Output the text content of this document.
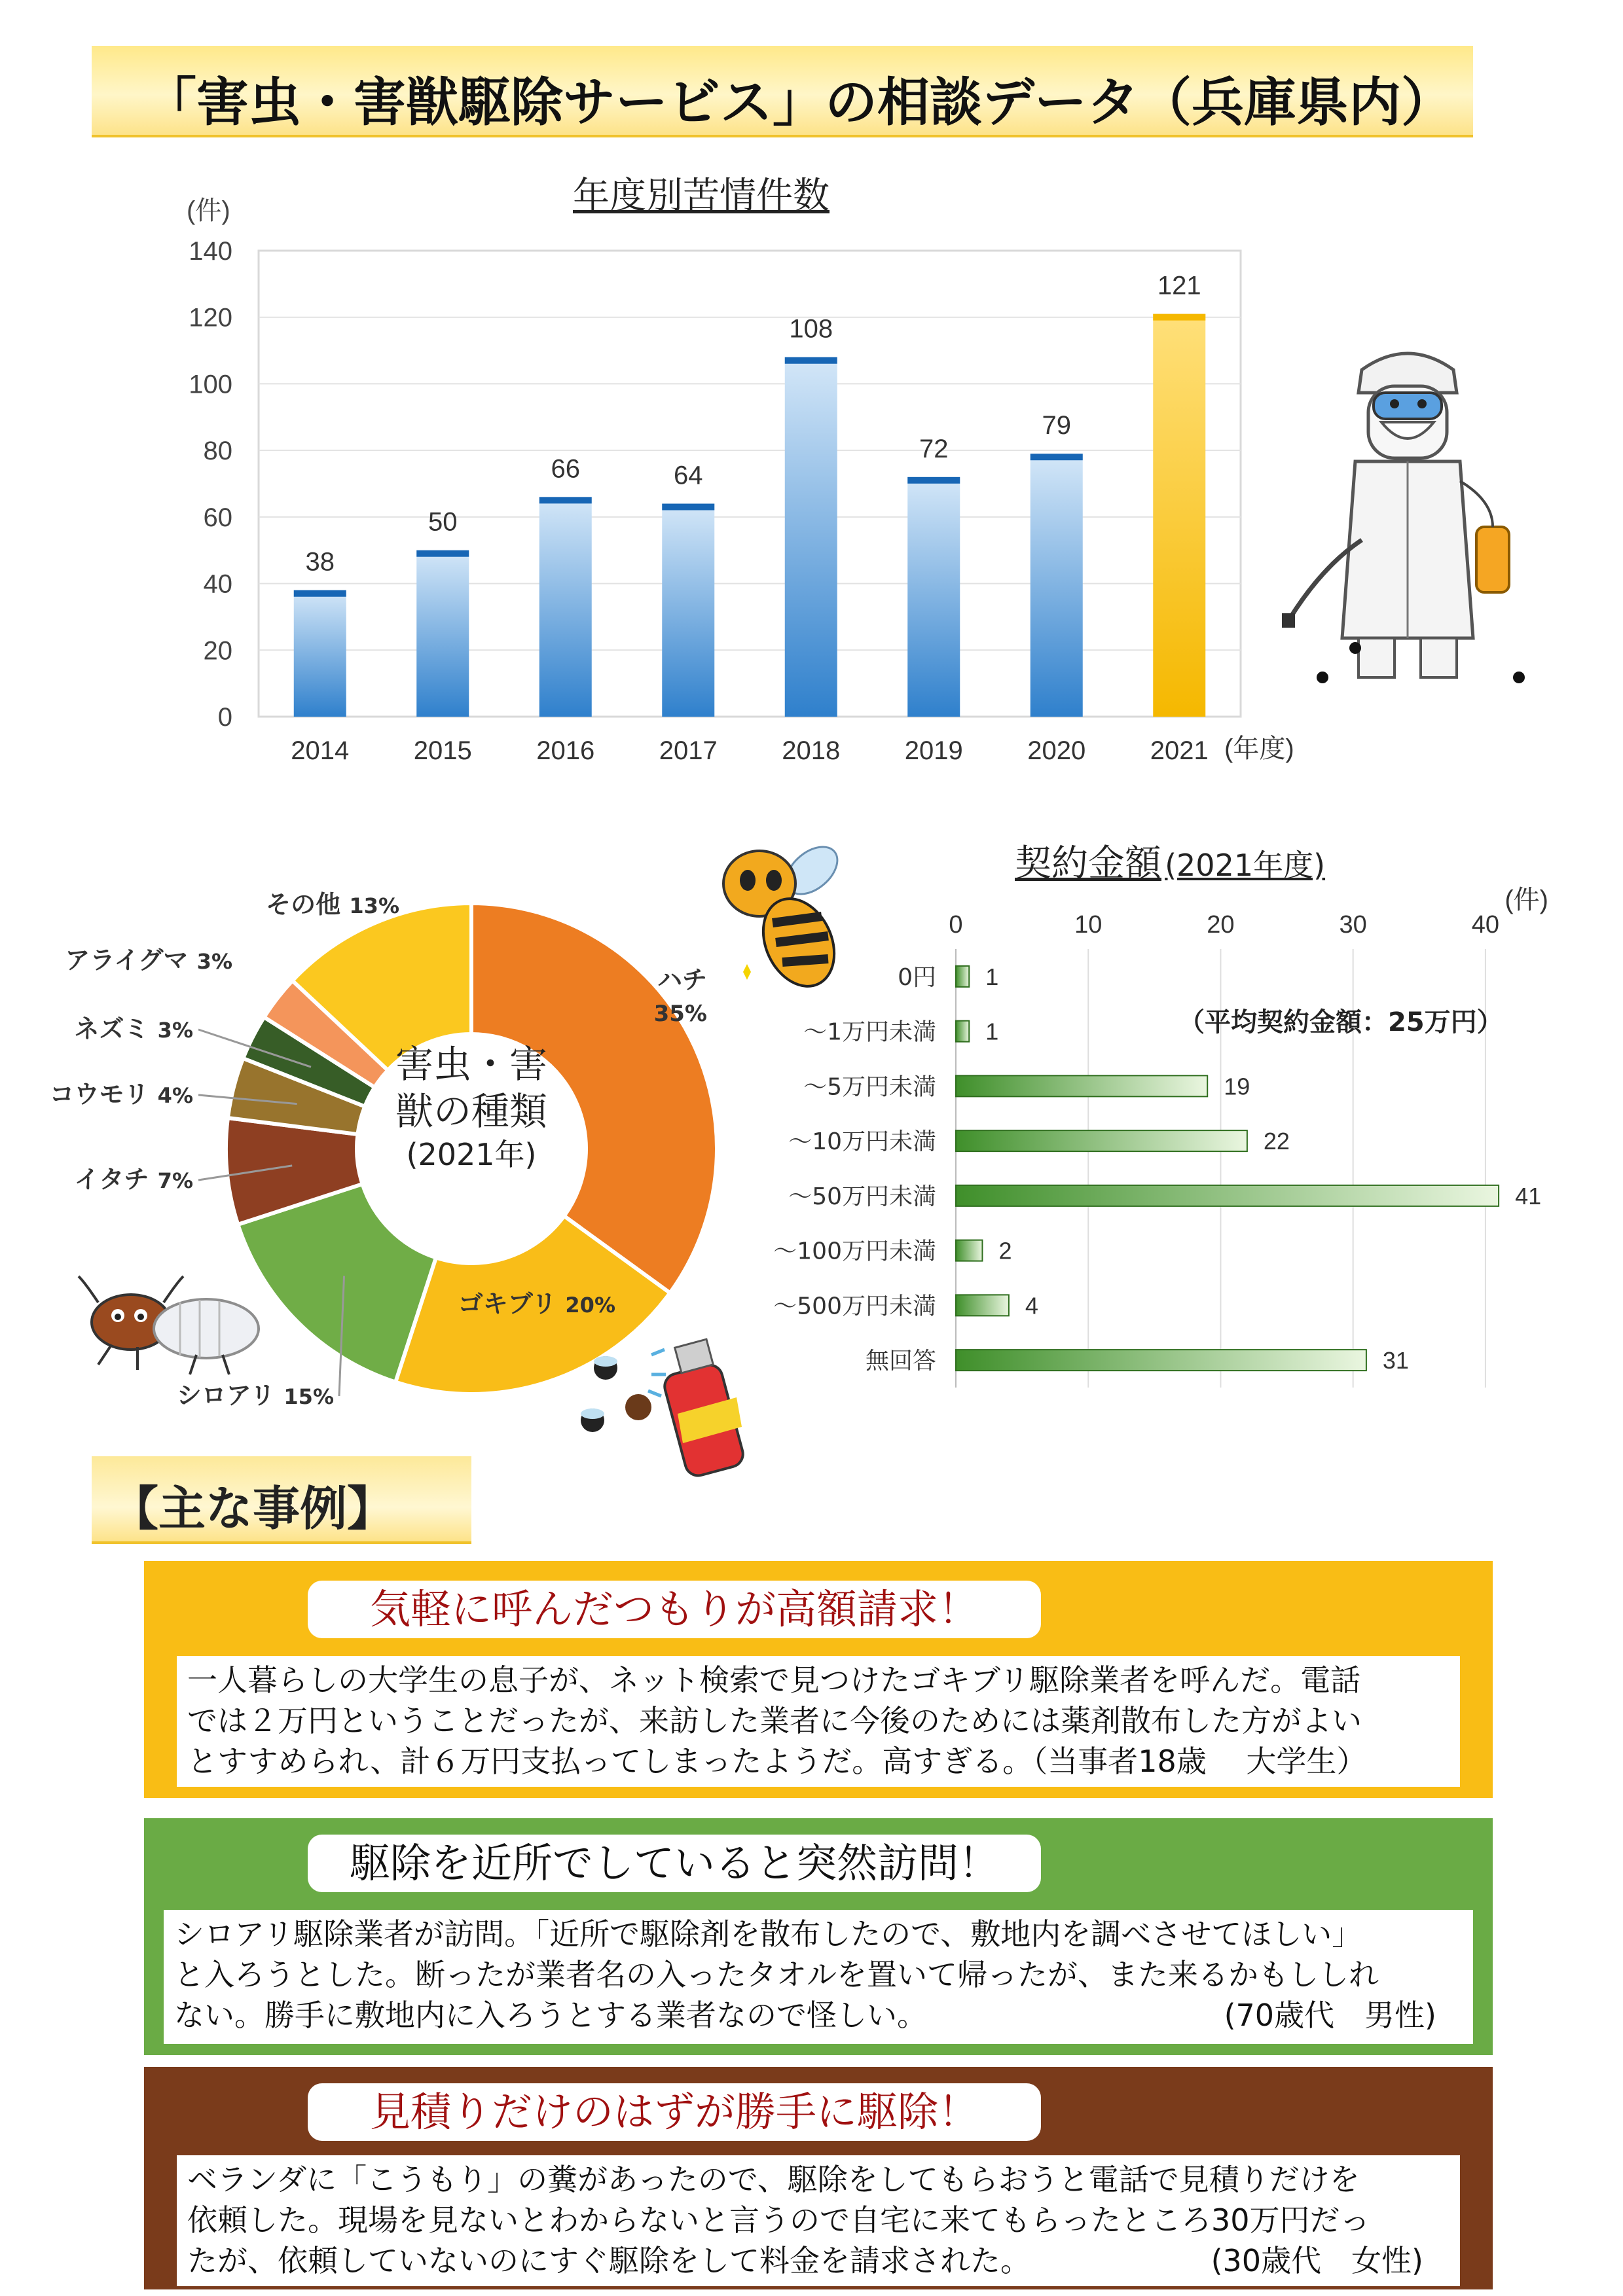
「害虫・害獣駆除サービス」の相談データ（兵庫県内）
年度別苦情件数
0
20
40
60
80
100
120
140
(件)
38
2014
50
2015
66
2016
64
2017
108
2018
72
2019
79
2020
121
2021 (年度)
ハチ
35%
ゴキブリ 20%
シロアリ 15%
イタチ 7%
コウモリ 4%
ネズミ 3%
アライグマ 3%
その他 13%
害虫・害
獣の種類
(2021年)
契約金額 (2021年度)
0	10	20	30	40
(件)
0円 1
～1万円未満 1
～5万円未満	19
～10万円未満	22
～50万円未満	41
～100万円未満	2
～500万円未満	4
無回答	31
（平均契約金額：25万円）
【主な事例】
気軽に呼んだつもりが高額請求！
一人暮らしの大学生の息子が、ネット検索で見つけたゴキブリ駆除業者を呼んだ。電話
では２万円ということだったが、来訪した業者に今後のためには薬剤散布した方がよい
とすすめられ、計６万円支払ってしまったようだ。高すぎる。（当事者18歳　 大学生）
駆除を近所でしていると突然訪問！
シロアリ駆除業者が訪問。「近所で駆除剤を散布したので、敷地内を調べさせてほしい」
と入ろうとした。断ったが業者名の入ったタオルを置いて帰ったが、また来るかもししれ
ない。勝手に敷地内に入ろうとする業者なので怪しい。	(70歳代　男性)
見積りだけのはずが勝手に駆除！
ベランダに「こうもり」の糞があったので、駆除をしてもらおうと電話で見積りだけを
依頼した。現場を見ないとわからないと言うので自宅に来てもらったところ30万円だっ
たが、依頼していないのにすぐ駆除をして料金を請求された。	(30歳代　女性)
